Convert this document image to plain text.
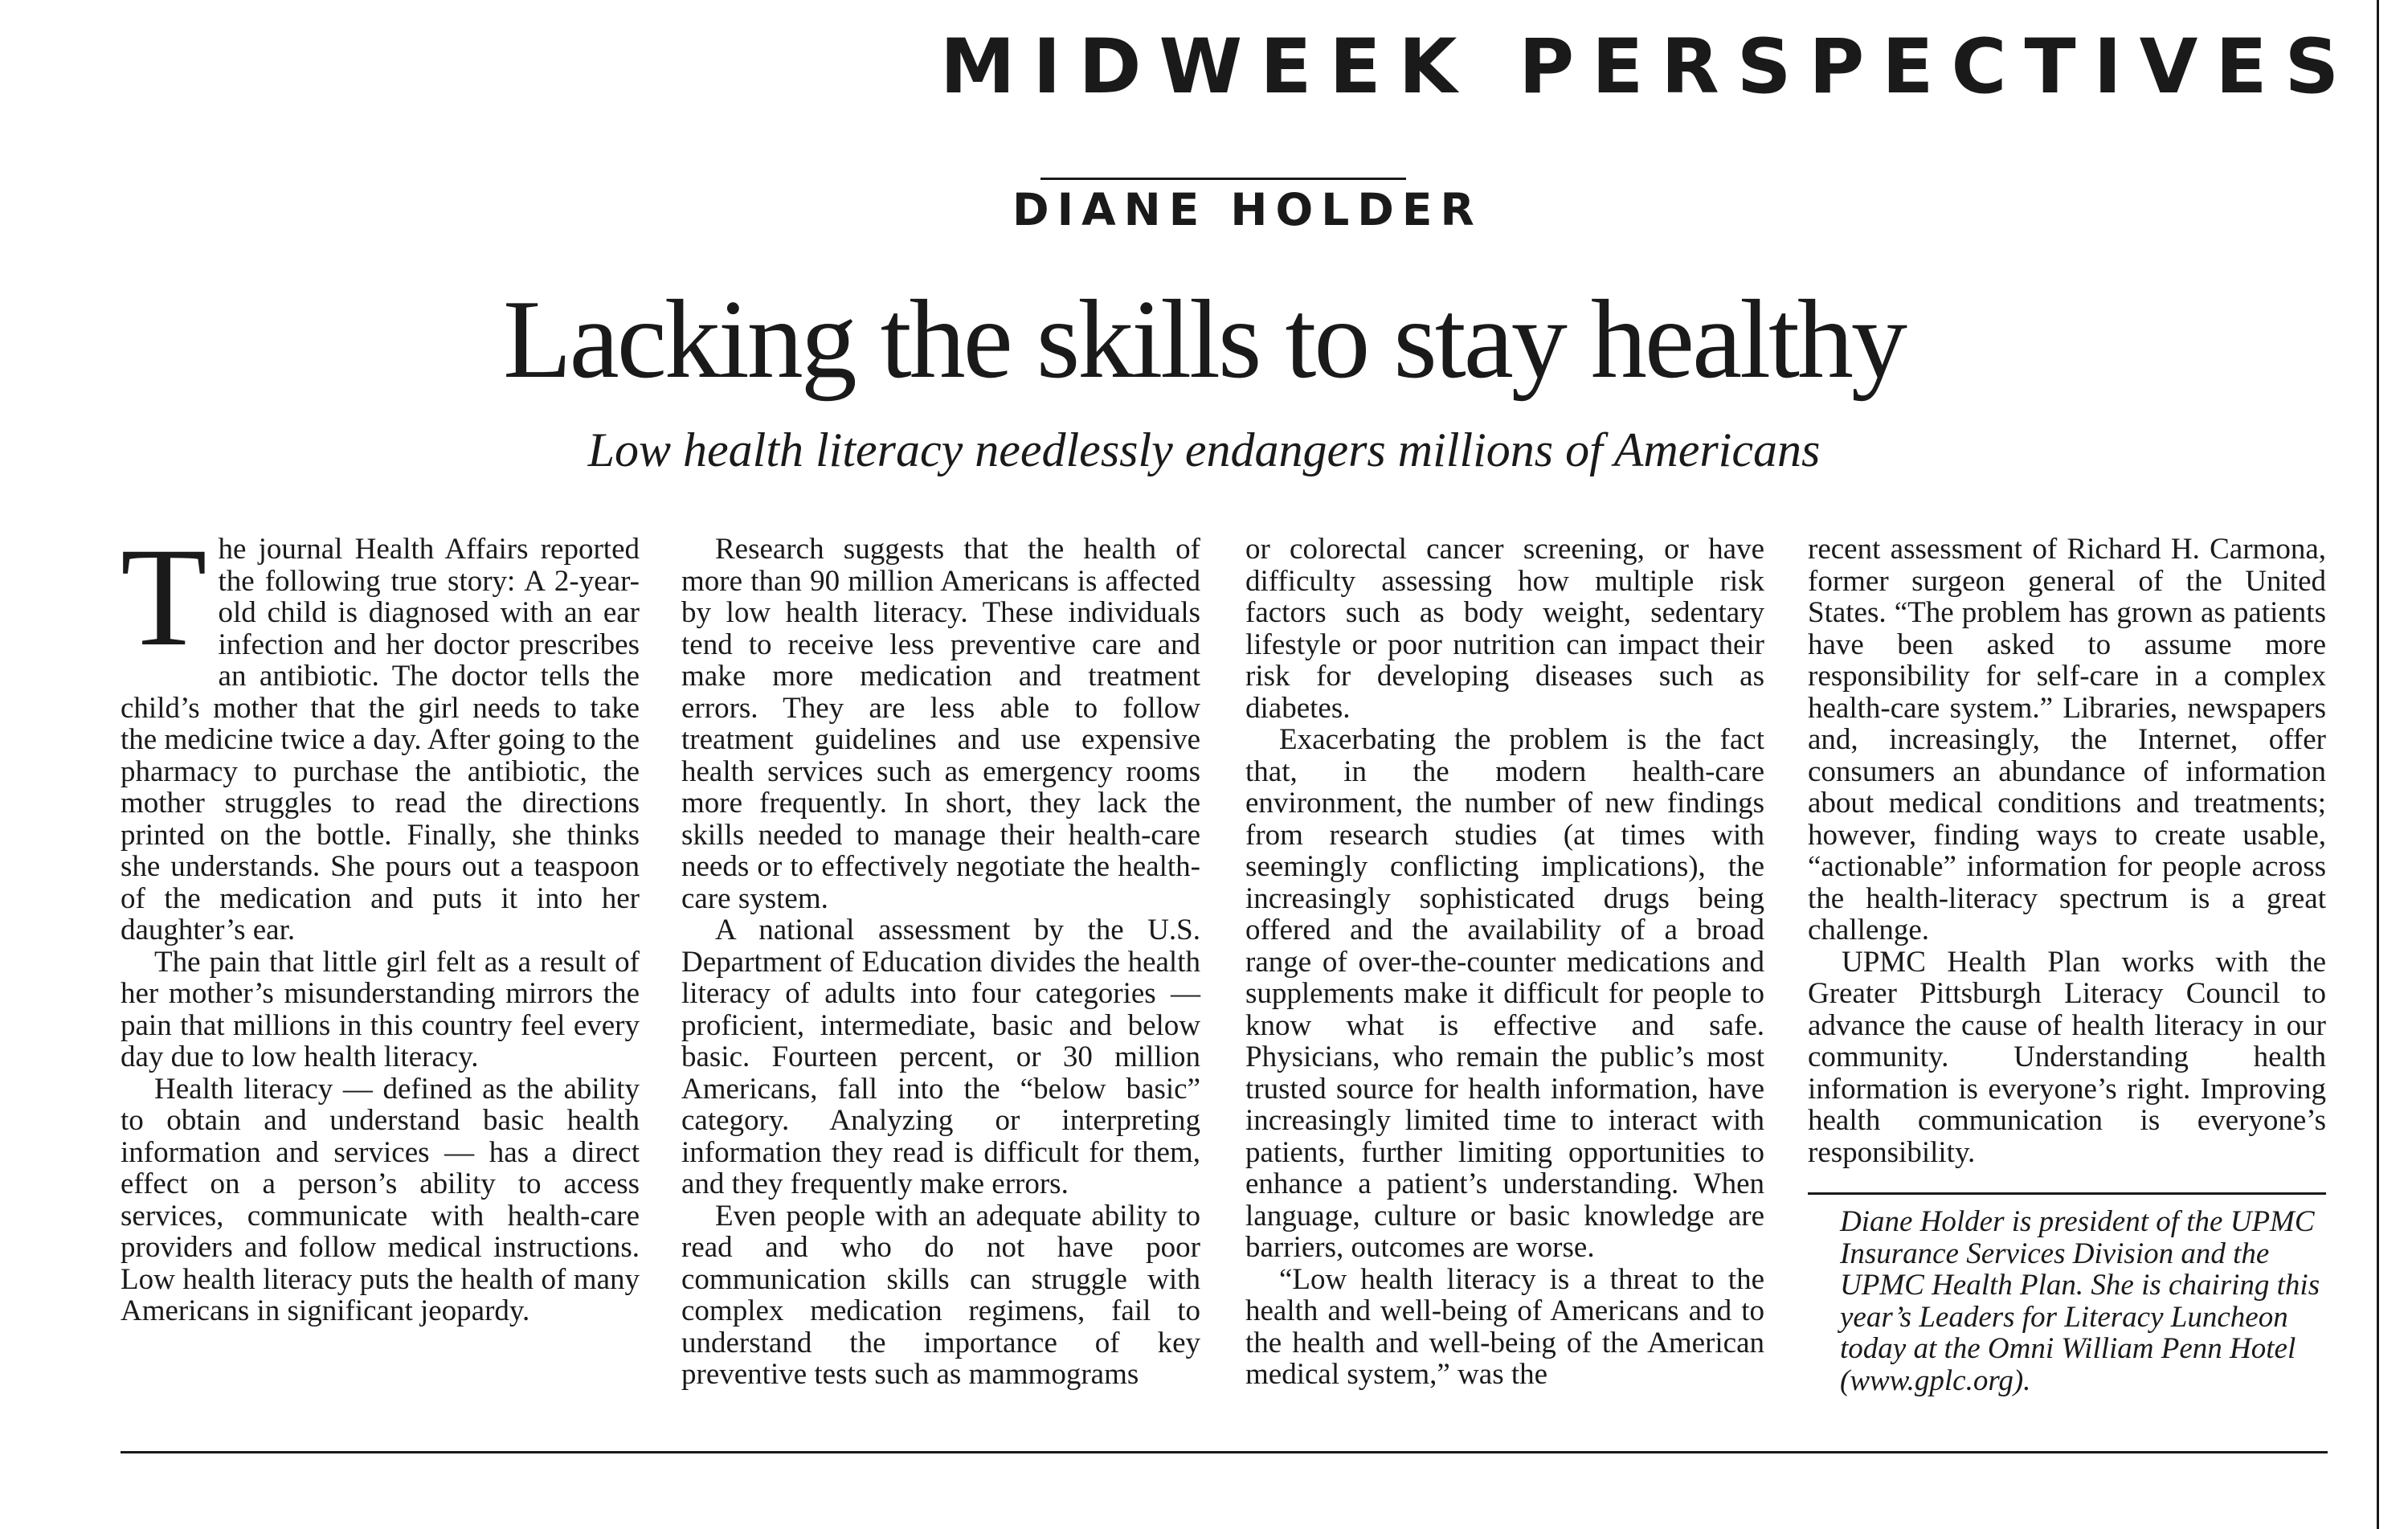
MIDWEEK PERSPECTIVES
DIANE HOLDER
Lacking the skills to stay healthy
Low health literacy needlessly endangers millions of Americans

The journal Health Affairs reported the following true story: A 2-year-old child is diagnosed with an ear infection and her doctor prescribes an antibiotic. The doctor tells the child’s mother that the girl needs to take the medicine twice a day. After going to the pharmacy to purchase the antibiotic, the mother struggles to read the directions printed on the bottle. Finally, she thinks she understands. She pours out a teaspoon of the medication and puts it into her daughter’s ear.

The pain that little girl felt as a result of her mother’s misunderstanding mirrors the pain that millions in this country feel every day due to low health literacy.

Health literacy — defined as the ability to obtain and understand basic health information and services — has a direct effect on a person’s ability to access services, communicate with health-care providers and follow medical instructions. Low health literacy puts the health of many Americans in significant jeopardy.

Research suggests that the health of more than 90 million Americans is affected by low health literacy. These individuals tend to receive less preventive care and make more medication and treatment errors. They are less able to follow treatment guidelines and use expensive health services such as emergency rooms more frequently. In short, they lack the skills needed to manage their health-care needs or to effectively negotiate the health-care system.

A national assessment by the U.S. Department of Education divides the health literacy of adults into four categories — proficient, intermediate, basic and below basic. Fourteen percent, or 30 million Americans, fall into the “below basic” category. Analyzing or interpreting information they read is difficult for them, and they frequently make errors.

Even people with an adequate ability to read and who do not have poor communication skills can struggle with complex medication regimens, fail to understand the importance of key preventive tests such as mammograms

or colorectal cancer screening, or have difficulty assessing how multiple risk factors such as body weight, sedentary lifestyle or poor nutrition can impact their risk for developing diseases such as diabetes.

Exacerbating the problem is the fact that, in the modern health-care environment, the number of new findings from research studies (at times with seemingly conflicting implications), the increasingly sophisticated drugs being offered and the availability of a broad range of over-the-counter medications and supplements make it difficult for people to know what is effective and safe. Physicians, who remain the public’s most trusted source for health information, have increasingly limited time to interact with patients, further limiting opportunities to enhance a patient’s understanding. When language, culture or basic knowledge are barriers, outcomes are worse.

“Low health literacy is a threat to the health and well-being of Americans and to the health and well-being of the American medical system,” was the

recent assessment of Richard H. Carmona, former surgeon general of the United States. “The problem has grown as patients have been asked to assume more responsibility for self-care in a complex health-care system.” Libraries, newspapers and, increasingly, the Internet, offer consumers an abundance of information about medical conditions and treatments; however, finding ways to create usable, “actionable” information for people across the health-literacy spectrum is a great challenge.

UPMC Health Plan works with the Greater Pittsburgh Literacy Council to advance the cause of health literacy in our community. Understanding health information is everyone’s right. Improving health communication is everyone’s responsibility.

Diane Holder is president of the UPMC Insurance Services Division and the UPMC Health Plan. She is chairing this year’s Leaders for Literacy Luncheon today at the Omni William Penn Hotel (www.gplc.org).
